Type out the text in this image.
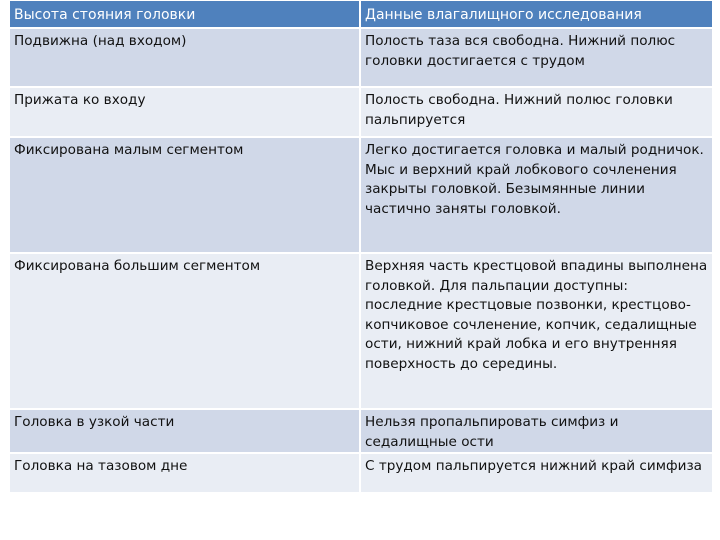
Высота стояния головки	Данные влагалищного исследования
Подвижна (над входом)	Полость таза вся свободна. Нижний полюс головки достигается с трудом
Прижата ко входу	Полость свободна. Нижний полюс головки пальпируется
Фиксирована малым сегментом	Легко достигается головка и малый родничок. Мыс и верхний край лобкового сочленения закрыты головкой. Безымянные линии частично заняты головкой.
Фиксирована большим сегментом	Верхняя часть крестцовой впадины выполнена головкой. Для пальпации доступны: последние крестцовые позвонки, крестцово-копчиковое сочленение, копчик, седалищные ости, нижний край лобка и его внутренняя поверхность до середины.
Головка в узкой части	Нельзя пропальпировать симфиз и седалищные ости
Головка на тазовом дне	С трудом пальпируется нижний край симфиза
